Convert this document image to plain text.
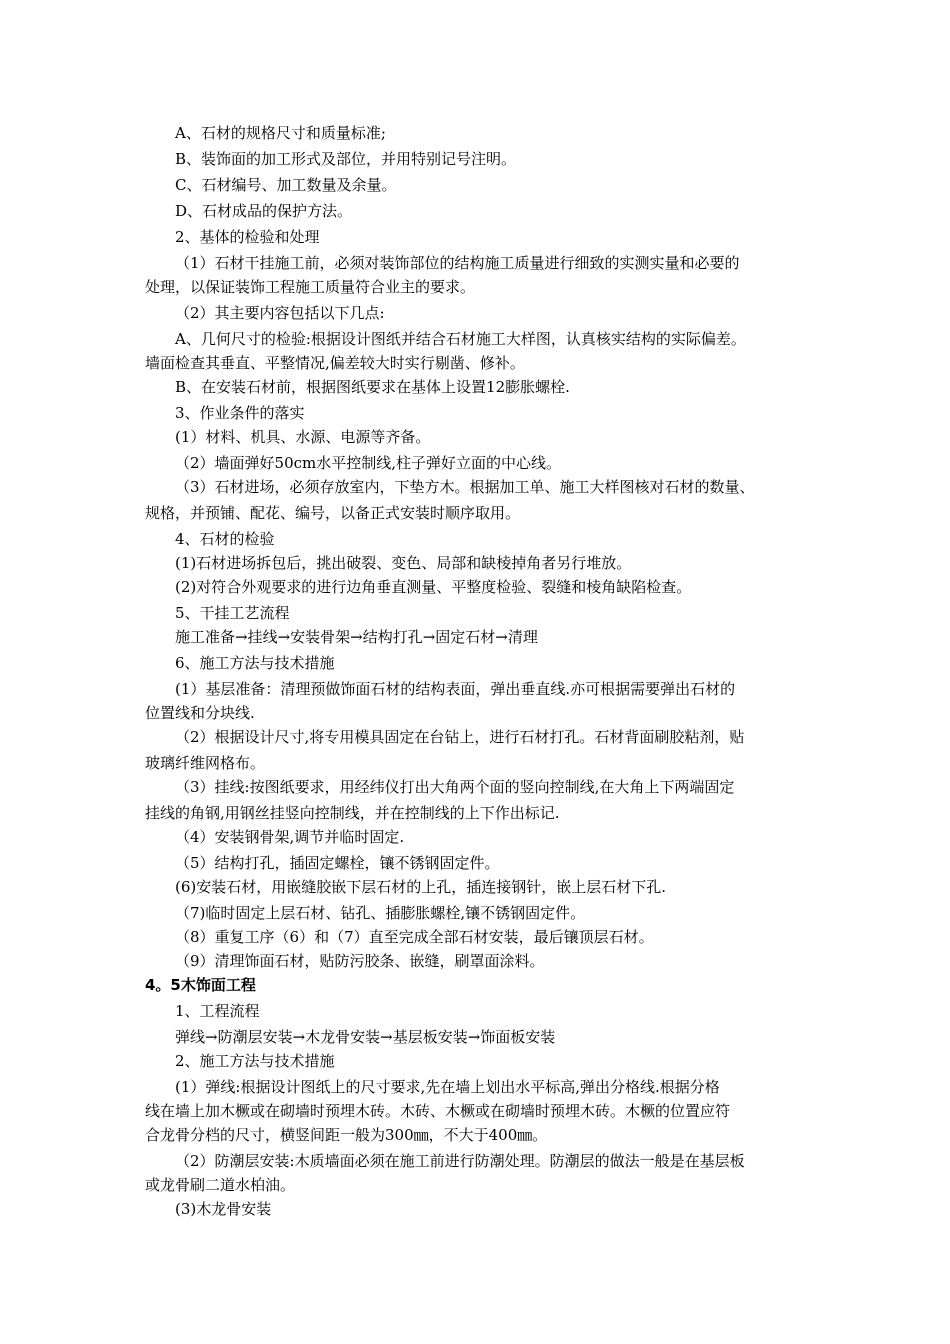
A、石材的规格尺寸和质量标准;
B、装饰面的加工形式及部位，并用特别记号注明。
C、石材编号、加工数量及余量。
D、石材成品的保护方法。
2、基体的检验和处理
（1）石材干挂施工前，必须对装饰部位的结构施工质量进行细致的实测实量和必要的
处理，以保证装饰工程施工质量符合业主的要求。
（2）其主要内容包括以下几点:
A、几何尺寸的检验:根据设计图纸并结合石材施工大样图，认真核实结构的实际偏差。
墙面检查其垂直、平整情况,偏差较大时实行剔凿、修补。
B、在安装石材前，根据图纸要求在基体上设置12膨胀螺栓.
3、作业条件的落实
(1）材料、机具、水源、电源等齐备。
（2）墙面弹好50cm水平控制线,柱子弹好立面的中心线。
（3）石材进场，必须存放室内，下垫方木。根据加工单、施工大样图核对石材的数量、
规格，并预铺、配花、编号，以备正式安装时顺序取用。
4、石材的检验
(1)石材进场拆包后，挑出破裂、变色、局部和缺棱掉角者另行堆放。
(2)对符合外观要求的进行边角垂直测量、平整度检验、裂缝和棱角缺陷检查。
5、干挂工艺流程
施工准备→挂线→安装骨架→结构打孔→固定石材→清理
6、施工方法与技术措施
(1）基层准备：清理预做饰面石材的结构表面，弹出垂直线.亦可根据需要弹出石材的
位置线和分块线.
（2）根据设计尺寸,将专用模具固定在台钻上，进行石材打孔。石材背面刷胶粘剂，贴
玻璃纤维网格布。
（3）挂线:按图纸要求，用经纬仪打出大角两个面的竖向控制线,在大角上下两端固定
挂线的角钢,用钢丝挂竖向控制线，并在控制线的上下作出标记.
（4）安装钢骨架,调节并临时固定.
（5）结构打孔，插固定螺栓，镶不锈钢固定件。
(6)安装石材，用嵌缝胶嵌下层石材的上孔，插连接钢针，嵌上层石材下孔.
（7)临时固定上层石材、钻孔、插膨胀螺栓,镶不锈钢固定件。
（8）重复工序（6）和（7）直至完成全部石材安装，最后镶顶层石材。
（9）清理饰面石材，贴防污胶条、嵌缝，刷罩面涂料。
4。5木饰面工程
1、工程流程
弹线→防潮层安装→木龙骨安装→基层板安装→饰面板安装
2、施工方法与技术措施
(1）弹线:根据设计图纸上的尺寸要求,先在墙上划出水平标高,弹出分格线.根据分格
线在墙上加木橛或在砌墙时预埋木砖。木砖、木橛或在砌墙时预埋木砖。木橛的位置应符
合龙骨分档的尺寸，横竖间距一般为300㎜，不大于400㎜。
（2）防潮层安装:木质墙面必须在施工前进行防潮处理。防潮层的做法一般是在基层板
或龙骨刷二道水柏油。
(3)木龙骨安装
